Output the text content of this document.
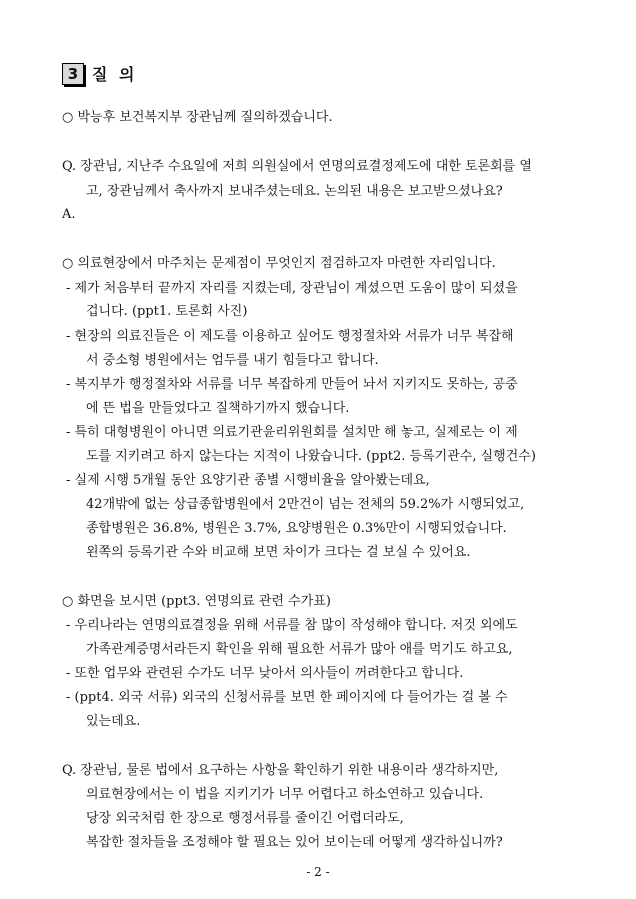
3 질 의
○ 박능후 보건복지부 장관님께 질의하겠습니다.
Q. 장관님, 지난주 수요일에 저희 의원실에서 연명의료결정제도에 대한 토론회를 열
고, 장관님께서 축사까지 보내주셨는데요. 논의된 내용은 보고받으셨나요?
A.
○ 의료현장에서 마주치는 문제점이 무엇인지 점검하고자 마련한 자리입니다.
- 제가 처음부터 끝까지 자리를 지켰는데, 장관님이 계셨으면 도움이 많이 되셨을
겁니다. (ppt1. 토론회 사진)
- 현장의 의료진들은 이 제도를 이용하고 싶어도 행정절차와 서류가 너무 복잡해
서 중소형 병원에서는 엄두를 내기 힘들다고 합니다.
- 복지부가 행정절차와 서류를 너무 복잡하게 만들어 놔서 지키지도 못하는, 공중
에 뜬 법을 만들었다고 질책하기까지 했습니다.
- 특히 대형병원이 아니면 의료기관윤리위원회를 설치만 해 놓고, 실제로는 이 제
도를 지키려고 하지 않는다는 지적이 나왔습니다. (ppt2. 등록기관수, 실행건수)
- 실제 시행 5개월 동안 요양기관 종별 시행비율을 알아봤는데요,
42개밖에 없는 상급종합병원에서 2만건이 넘는 전체의 59.2%가 시행되었고,
종합병원은 36.8%, 병원은 3.7%, 요양병원은 0.3%만이 시행되었습니다.
왼쪽의 등록기관 수와 비교해 보면 차이가 크다는 걸 보실 수 있어요.
○ 화면을 보시면 (ppt3. 연명의료 관련 수가표)
- 우리나라는 연명의료결정을 위해 서류를 참 많이 작성해야 합니다. 저것 외에도
가족관계증명서라든지 확인을 위해 필요한 서류가 많아 애를 먹기도 하고요,
- 또한 업무와 관련된 수가도 너무 낮아서 의사들이 꺼려한다고 합니다.
- (ppt4. 외국 서류) 외국의 신청서류를 보면 한 페이지에 다 들어가는 걸 볼 수
있는데요.
Q. 장관님, 물론 법에서 요구하는 사항을 확인하기 위한 내용이라 생각하지만,
의료현장에서는 이 법을 지키기가 너무 어렵다고 하소연하고 있습니다.
당장 외국처럼 한 장으로 행정서류를 줄이긴 어렵더라도,
복잡한 절차들을 조정해야 할 필요는 있어 보이는데 어떻게 생각하십니까?
- 2 -
